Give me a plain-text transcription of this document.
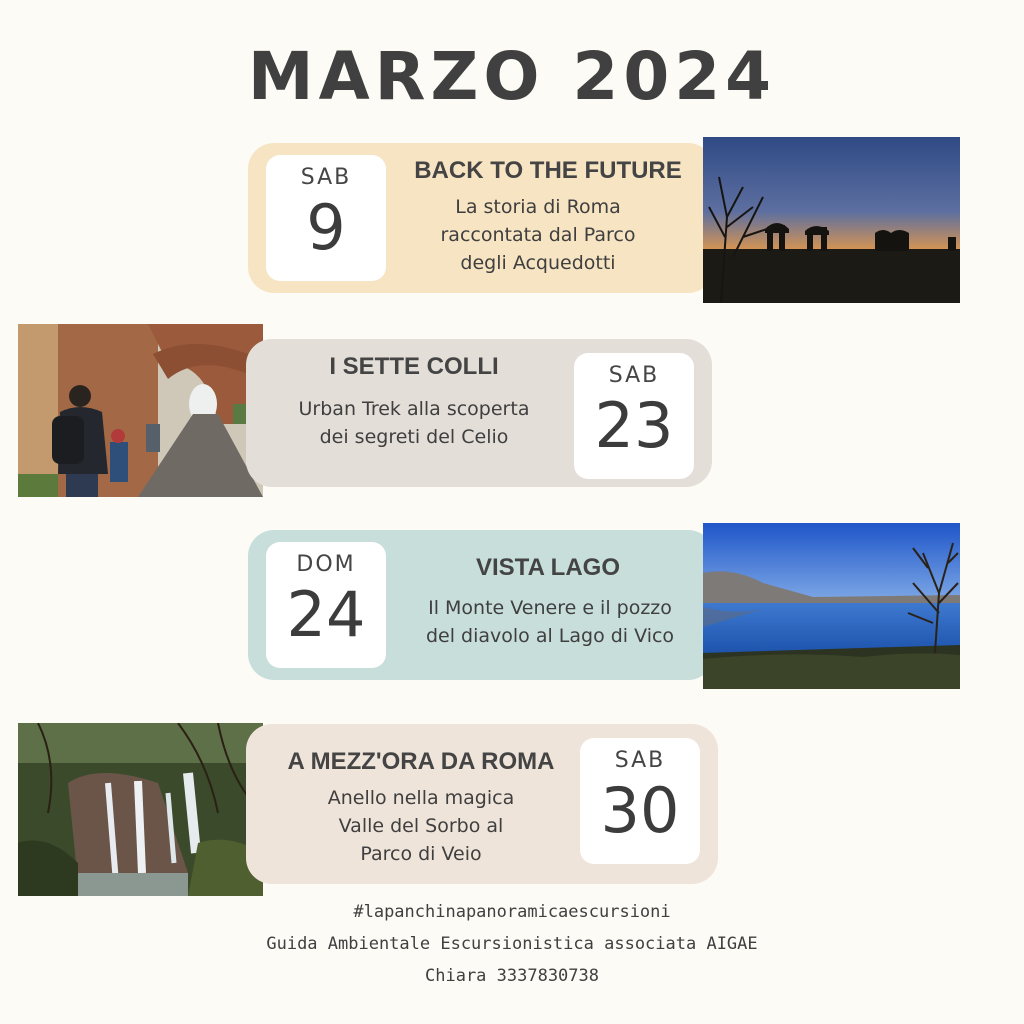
MARZO 2024
SAB
9
BACK TO THE FUTURE
La storia di Roma
raccontata dal Parco
degli Acquedotti
I SETTE COLLI
Urban Trek alla scoperta
dei segreti del Celio
SAB
23
DOM
24
VISTA LAGO
Il Monte Venere e il pozzo
del diavolo al Lago di Vico
A MEZZ'ORA DA ROMA
Anello nella magica
Valle del Sorbo al
Parco di Veio
SAB
30
#lapanchinapanoramicaescursioni
Guida Ambientale Escursionistica associata AIGAE
Chiara 3337830738
